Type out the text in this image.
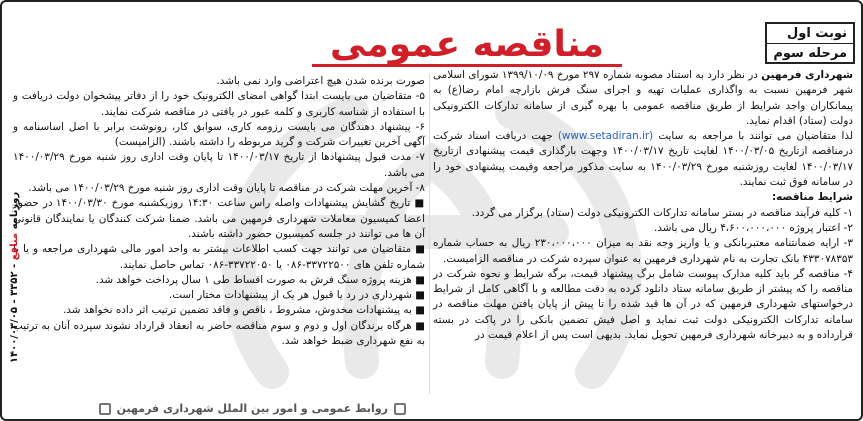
مناقصه عمومی	نوبت اول
مرحله سوم
شهرداری فرمهین در نظر دارد به استناد مصوبه شماره ۲۹۷ مورخ ۱۳۹۹/۱۰/۰۹ شورای اسلامی شهر فرمهین نسبت به واگذاری عملیات تهیه و اجرای سنگ فرش بازارچه امام رضا(ع) به پیمانکاران واجد شرایط از طریق مناقصه عمومی با بهره گیری از سامانه تدارکات الکترونیکی دولت (ستاد) اقدام نماید.
لذا متقاضیان می توانند با مراجعه به سایت (www.setadiran.ir) جهت دریافت اسناد شرکت درمناقصه ازتاریخ ۱۴۰۰/۰۳/۰۵ لغایت تاریخ ۱۴۰۰/۰۳/۱۷ وجهت بارگذاری قیمت پیشنهادی ازتاریخ ۱۴۰۰/۰۳/۱۷ لغایت روزشنبه مورخ ۱۴۰۰/۰۳/۲۹ به سایت مذکور مراجعه وقیمت پیشنهادی خود را در سامانه فوق ثبت نمایند.
شرایط مناقصه:
۱- کلیه فرآیند مناقصه در بستر سامانه تدارکات الکترونیکی دولت (ستاد) برگزار می گردد.
۲- اعتبار پروژه ۴،۶۰۰،۰۰۰،۰۰۰ ریال می باشد.
۳- ارایه ضمانتنامه معتبربانکی و یا واریز وجه نقد به میزان ۲۳۰،۰۰۰،۰۰۰ ریال به حساب شماره ۴۳۳۰۷۸۳۵۳ بانک تجارت به نام شهرداری فرمهین به عنوان سپرده شرکت در مناقصه الزامیست.
۴- مناقصه گر باید کلیه مدارک پیوست شامل برگ پیشنهاد قیمت، برگه شرایط و نحوه شرکت در مناقصه را که پیشتر از طریق سامانه ستاد دانلود کرده به دقت مطالعه و با آگاهی کامل از شرایط درخواستهای شهرداری فرمهین که در آن ها قید شده را تا پیش از پایان یافتن مهلت مناقصه در سامانه تدارکات الکترونیکی دولت ثبت نماید و اصل فیش تضمین بانکی را در پاکت در بسته قرارداده و به دبیرخانه شهرداری فرمهین تحویل نماید. بدیهی است پس از اعلام قیمت در

صورت برنده شدن هیچ اعتراضی وارد نمی باشد.

۵- متقاضیان می بایست ابتدا گواهی امضای الکترونیک خود را از دفاتر پیشخوان دولت دریافت و با استفاده از شناسه کاربری و کلمه عبور در یافتی در مناقصه شرکت نمایند.

۶- پیشنهاد دهندگان می بایست رزومه کاری، سوابق کار، رونوشت برابر با اصل اساسنامه و آگهی آخرین تغییرات شرکت و گرید مربوطه را داشته باشند. (الزامیست)

۷- مدت قبول پیشنهادها از تاریخ ۱۴۰۰/۰۳/۱۷ تا پایان وقت اداری روز شنبه مورخ ۱۴۰۰/۰۳/۲۹ می باشد.

۸- آخرین مهلت شرکت در مناقصه تا پایان وقت اداری روز شنبه مورخ ۱۴۰۰/۰۳/۲۹ می باشد.

■ تاریخ گشایش پیشنهادات واصله راس ساعت ۱۴:۳۰ روزیکشنبه مورخ ۱۴۰۰/۰۳/۳۰ در حضور اعضا کمیسیون معاملات شهرداری فرمهین می باشد. ضمنا شرکت کنندگان یا نمایندگان قانونی آن ها می توانند در جلسه کمیسیون حضور داشته باشند.

■ متقاضیان می توانند جهت کسب اطلاعات بیشتر به واحد امور مالی شهرداری مراجعه و یا با شماره تلفن های ۳۳۷۲۲۵۰۰-۰۸۶ یا ۳۳۷۲۲۰۵۰-۰۸۶ تماس حاصل نمایند.

■ هزینه پروژه سنگ فرش به صورت اقساط طی ۱ سال پرداخت خواهد شد.

■ شهرداری در رد یا قبول هر یک از پیشنهادات مختار است.

■ به پیشنهادات مخدوش، مشروط ، ناقص و فاقد تضمین ترتیب اثر داده نخواهد شد.

■ هرگاه برندگان اول و دوم و سوم مناقصه حاضر به انعقاد قرارداد نشوند سپرده آنان به ترتیب به نفع شهرداری ضبط خواهد شد.

روابط عمومی و امور بین الملل شهرداری فرمهین
روزنامه منافع - ۳۳۵۲ - ۱۴۰۰/۰۳/۰۵
